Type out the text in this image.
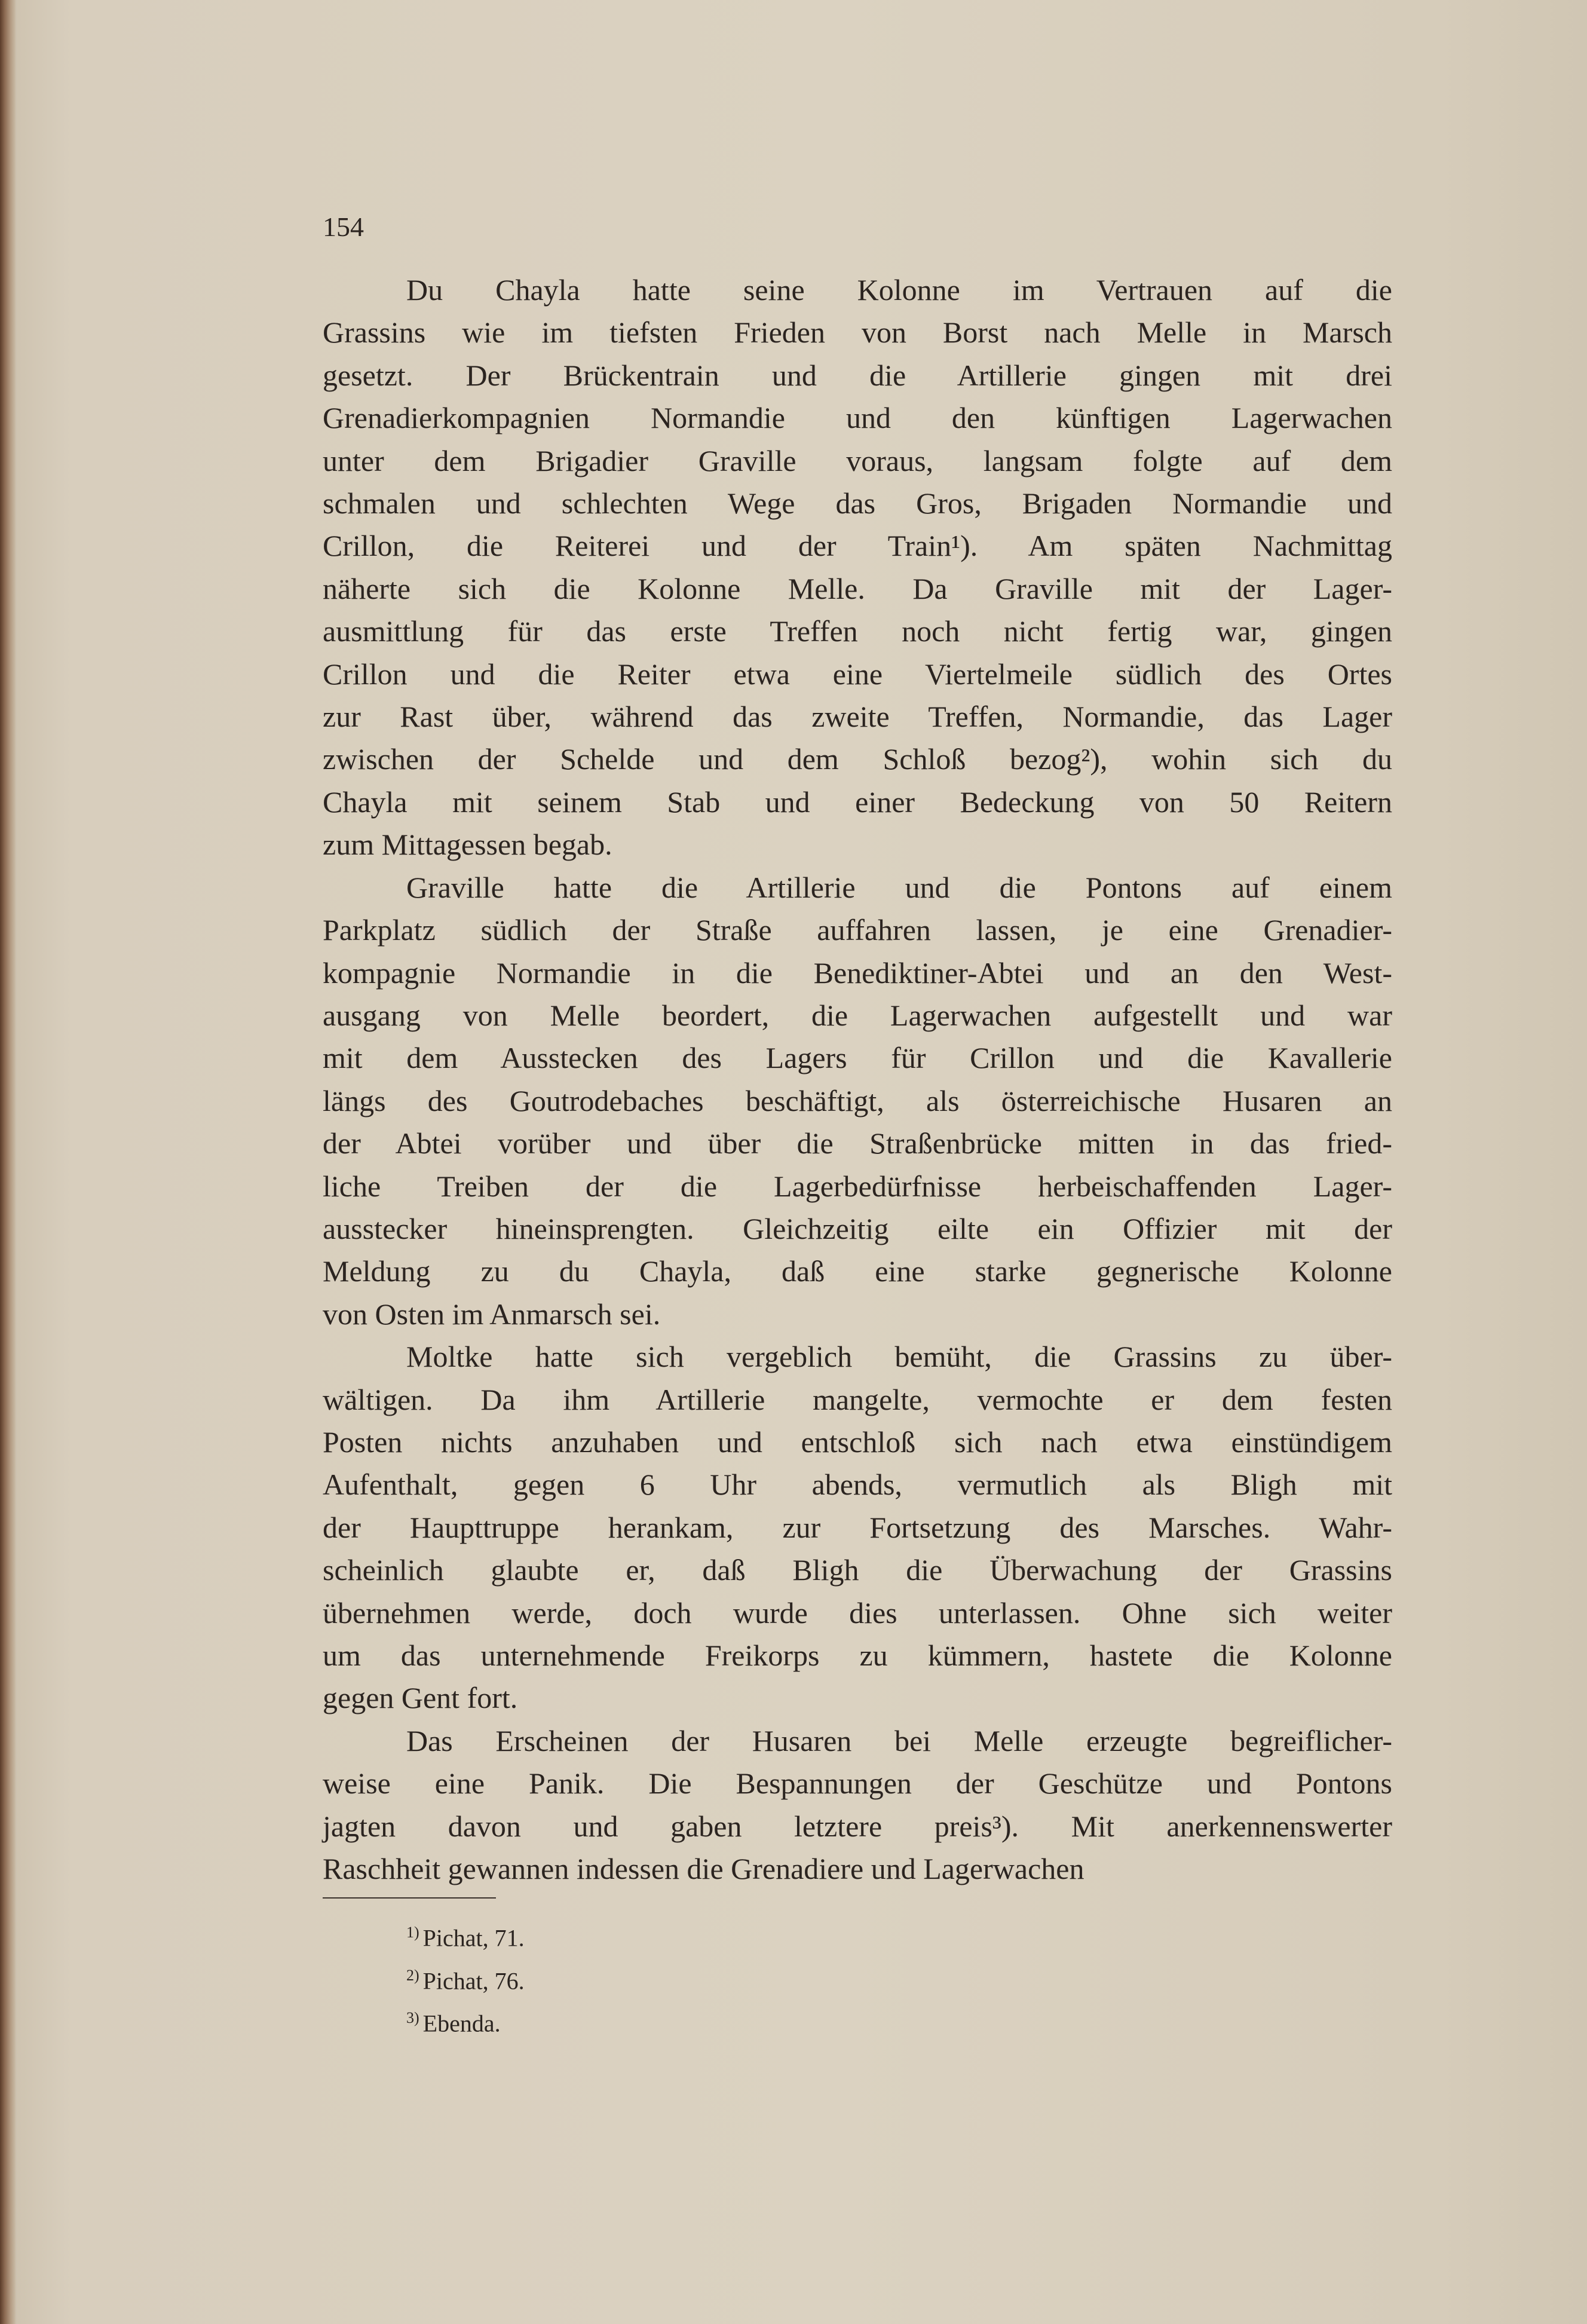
154

Du Chayla hatte seine Kolonne im Vertrauen auf die
Grassins wie im tiefsten Frieden von Borst nach Melle in Marsch
gesetzt. Der Brückentrain und die Artillerie gingen mit drei
Grenadierkompagnien Normandie und den künftigen Lagerwachen
unter dem Brigadier Graville voraus, langsam folgte auf dem
schmalen und schlechten Wege das Gros, Brigaden Normandie und
Crillon, die Reiterei und der Train¹). Am späten Nachmittag
näherte sich die Kolonne Melle. Da Graville mit der Lager-
ausmittlung für das erste Treffen noch nicht fertig war, gingen
Crillon und die Reiter etwa eine Viertelmeile südlich des Ortes
zur Rast über, während das zweite Treffen, Normandie, das Lager
zwischen der Schelde und dem Schloß bezog²), wohin sich du
Chayla mit seinem Stab und einer Bedeckung von 50 Reitern
zum Mittagessen begab.

Graville hatte die Artillerie und die Pontons auf einem
Parkplatz südlich der Straße auffahren lassen, je eine Grenadier-
kompagnie Normandie in die Benediktiner-Abtei und an den West-
ausgang von Melle beordert, die Lagerwachen aufgestellt und war
mit dem Ausstecken des Lagers für Crillon und die Kavallerie
längs des Goutrodebaches beschäftigt, als österreichische Husaren an
der Abtei vorüber und über die Straßenbrücke mitten in das fried-
liche Treiben der die Lagerbedürfnisse herbeischaffenden Lager-
ausstecker hineinsprengten. Gleichzeitig eilte ein Offizier mit der
Meldung zu du Chayla, daß eine starke gegnerische Kolonne
von Osten im Anmarsch sei.

Moltke hatte sich vergeblich bemüht, die Grassins zu über-
wältigen. Da ihm Artillerie mangelte, vermochte er dem festen
Posten nichts anzuhaben und entschloß sich nach etwa einstündigem
Aufenthalt, gegen 6 Uhr abends, vermutlich als Bligh mit
der Haupttruppe herankam, zur Fortsetzung des Marsches. Wahr-
scheinlich glaubte er, daß Bligh die Überwachung der Grassins
übernehmen werde, doch wurde dies unterlassen. Ohne sich weiter
um das unternehmende Freikorps zu kümmern, hastete die Kolonne
gegen Gent fort.

Das Erscheinen der Husaren bei Melle erzeugte begreiflicher-
weise eine Panik. Die Bespannungen der Geschütze und Pontons
jagten davon und gaben letztere preis³). Mit anerkennenswerter
Raschheit gewannen indessen die Grenadiere und Lagerwachen

$^{1)}$ Pichat, 71.
$^{2)}$ Pichat, 76.
$^{3)}$ Ebenda.
